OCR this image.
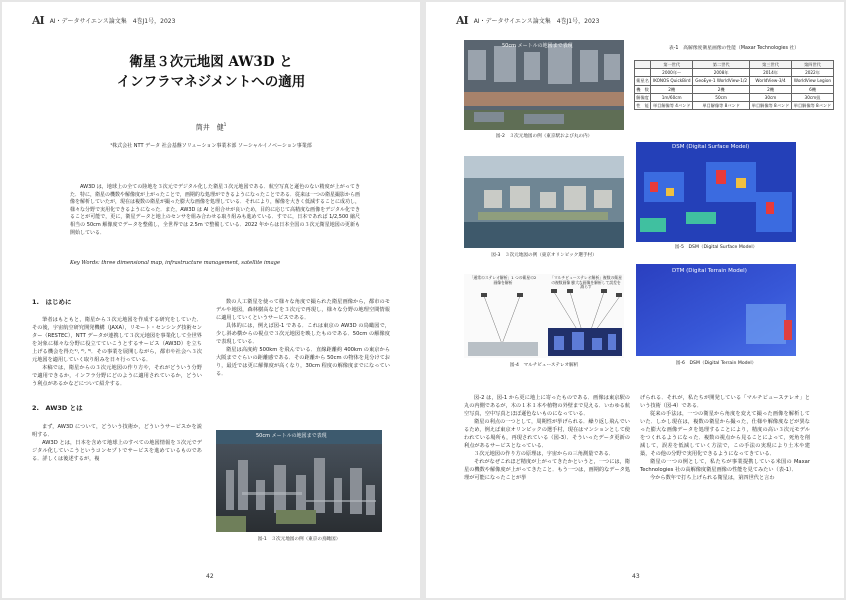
AI AI・データサイエンス論文集　4巻J1号，2023
衛星３次元地図 AW3D と
インフラマネジメントへの適用
筒井　健$^1$
¹株式会社 NTT データ 社会基盤ソリューション事業本部 ソーシャルイノベーション事業部
AW3D は，地球上の全ての陸地を３次元でデジタル化した衛星３次元地図である．航空写真と遜色のない精度が上がってきた．特に，衛星の機数や解像度が上がったことで，画期的な処理ができるようになったことである．従来は一つの衛星撮影から画像を解析していたが，現在は複数の衛星が撮った膨大な画像を処理している．それにより，解像を大きく低減することに成功し，様々な分野で実用化できるようになった．また，AW3D は AI と組合せが良いため，目的に応じて高精度な画像をデジタル化できることが可能で，更に，衛星データと地上のセンサを組み合わせる取り組みも進めている．すでに，日本であれば 1/2,500 縮尺相当の 50cm 解像度でデータを整備し，全世界では 2.5m で整備している．2022 年からは日本全国の３次元衛星地図の更新も開始している．
Key Words: three dimensional map, infrastructure management, satellite image
1.　はじめに

筆者はもともと，衛星から３次元地図を作成する研究をしていた．その後，宇宙航空研究開発機構（JAXA），リモート・センシング技術センター（RESTEC），NTT データが連携して３次元地図を事業化して全世界を対象に様々な分野に役立てていこうとするサービス（AW3D）を立ち上げる機会を得た¹⁾, ²⁾, ³⁾．その事業を展開しながら，都市や社会へ３次元地図を適用していく取り組みを日々行っている．

本稿では，衛星からの３次元地図の作り方や，それがどういう分野で適用できるか，インフラ分野にどのように適用されているか，どういう利点があるかなどについて紹介する．

2.　AW3D とは

まず，AW3D について，どういう技術か，どういうサービスかを説明する．

AW3D とは，日本を含めて地球上のすべての地図情報を３次元でデジタル化していこうというコンセプトでサービスを進めているものである．詳しくは後述するが，複

数の人工衛星を使って様々な角度で撮られた衛星画像から，都市のモデルや地図，森林樹高などを３次元で再現し，様々な分野の地理空間情報に適用していくというサービスである．

具体的には，例えば図-1 である．これは東京の AW3D の鳥瞰図で，少し斜め横からの視点で３次元地図を映したものである．50cm の解像度で表現している．

衛星は高度約 500km を飛んでいる．直線距離約 400km の東京から大阪までぐらいの距離感である．その距離から 50cm の物体を見分けており，最近では更に解像度が高くなり，30cm 程度の解像度までになっている．

50cm メートルの地図まで表現
図-1　３次元地図の例（東京の鳥瞰図）
42
AI AI・データサイエンス論文集　4巻J1号，2023
50cm メートルの地図まで表現
図-2　３次元地図の例（東京駅および丸の内）
表-1　高解像度衛星画像の性能（Maxar Technologies 社）
	第一世代	第二世代	第三世代	第四世代
	2000年〜	2008年	2014年	2022年
衛星名	IKONOS QuickBird	GeoEye-1 WorldView-1/2	WorldView-3/4	WorldView Legion
機　数	2機	2機	2機	6機
解像度	1m/60cm	50cm	30cm	30cm級
性　能	単目解像等 4バンド	単目解像等 8バンド	単目解像等 8バンド	単目解像等 8バンド
図-3　３次元地図の例（東京オリンピック選手村）
DSM (Digital Surface Model)
図-5　DSM（Digital Surface Model）
「通常のステレオ解析」1 つの衛星の2画像を解析
「マルチビューステレオ解析」複数の衛星の複数画像 膨大な画像を解析して誤差を減らす
図-4　マルチビューステレオ解析
DTM (Digital Terrain Model)
図-6　DSM（Digital Terrain Model）

図-2 は，図-1 から更に地上に寄ったものである．画像は東京駅の丸の内側であるが，木の１本１本や植物の外壁まで見える．いわゆる航空写真，空中写真とほぼ遜色ないものになっている．

衛星の利点の一つとして，周期性が挙げられる．繰り返し飛んでいるため，例えば東京オリンピックの選手村，現在はマンションとして使われている場所も，再現されている（図-3）．そういったデータ更新の利点があるサービスとなっている．

３次元地図の作り方の原理は，宇宙からの三角測量である．

それがなぜこれほど精度が上がってきたかというと，一つには，衛星の機数や解像度が上がってきたこと．もう一つは，画期的なデータ処理が可能になったことが挙

げられる．それが，私たちが開発している「マルチビューステレオ」という技術（図-4）である．

従来の手法は，一つの衛星から角度を変えて撮った画像を解析していた．しかし現在は，複数の衛星から撮った，仕様や解像度などが異なった膨大な画像データを処理することにより，精度の高い３次元モデルをつくれるようになった．複数の視点から見ることによって，死角を削減して，誤差を低減していく方法で，この手法の実現により土木や建築，その他の分野で実用化できるようになってきている．

衛星の一つの例として，私たちが事業提携している米国の Maxar Technologies 社の高解像度衛星画像の性能を見てみたい（表-1）．

今から数年で打ち上げられる衛星は，第四世代と言わ

43
